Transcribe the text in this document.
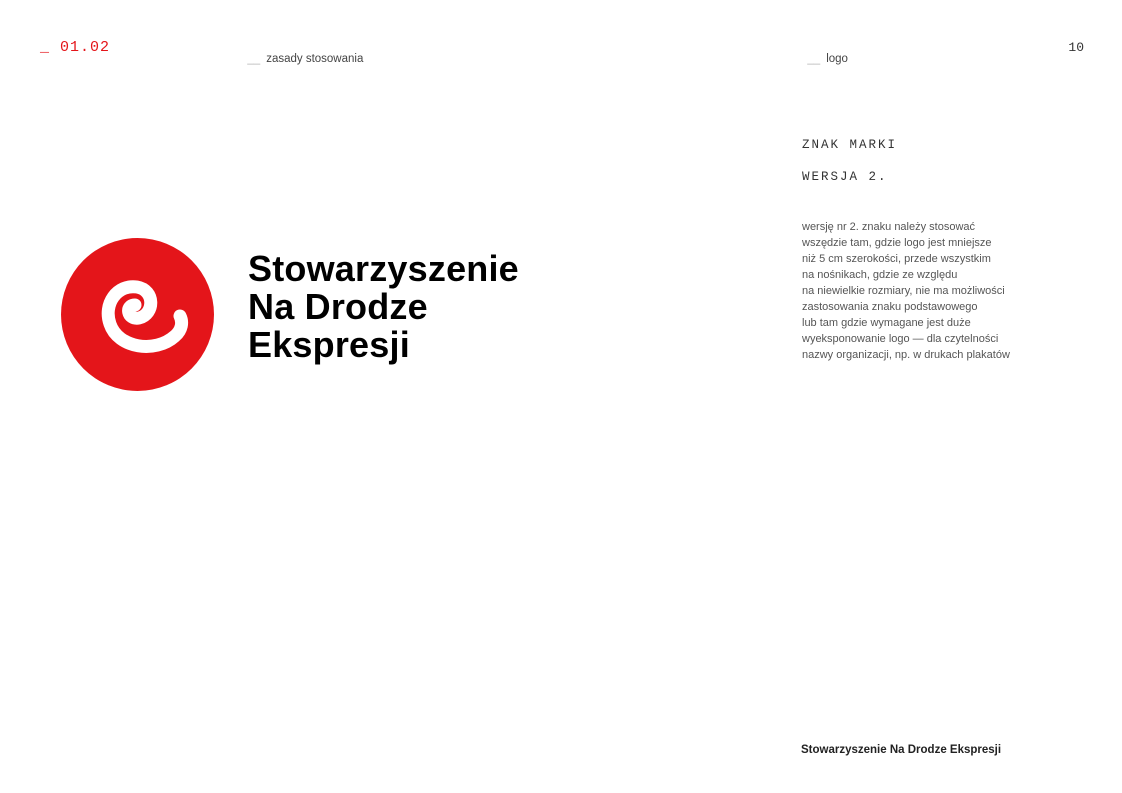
_ 01.02

__ zasady stosowania	__ logo

10
Stowarzyszenie
Na Drodze
Ekspresji
ZNAK MARKI
WERSJA 2.
wersję nr 2. znaku należy stosować
wszędzie tam, gdzie logo jest mniejsze
niż 5 cm szerokości, przede wszystkim
na nośnikach, gdzie ze względu
na niewielkie rozmiary, nie ma możliwości
zastosowania znaku podstawowego
lub tam gdzie wymagane jest duże
wyeksponowanie logo — dla czytelności
nazwy organizacji, np. w drukach plakatów
Stowarzyszenie Na Drodze Ekspresji
